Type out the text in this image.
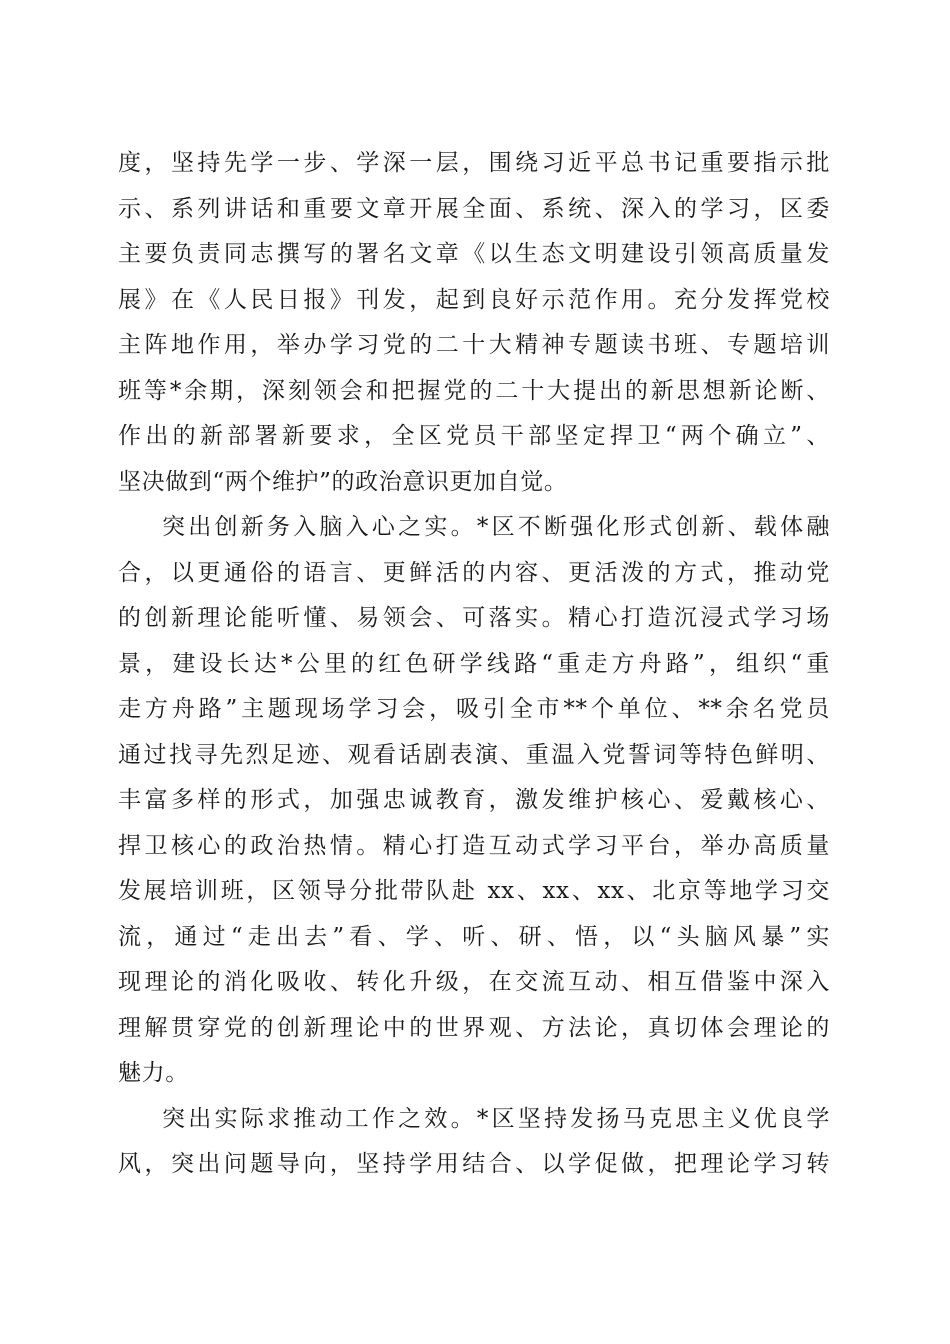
度，坚持先学一步、学深一层，围绕习近平总书记重要指示批
示、系列讲话和重要文章开展全面、系统、深入的学习，区委
主要负责同志撰写的署名文章《以生态文明建设引领高质量发
展》在《人民日报》刊发，起到良好示范作用。充分发挥党校
主阵地作用，举办学习党的二十大精神专题读书班、专题培训
班等*余期，深刻领会和把握党的二十大提出的新思想新论断、
作出的新部署新要求，全区党员干部坚定捍卫“两个确立”、
坚决做到“两个维护”的政治意识更加自觉。
突出创新务入脑入心之实。*区不断强化形式创新、载体融
合，以更通俗的语言、更鲜活的内容、更活泼的方式，推动党
的创新理论能听懂、易领会、可落实。精心打造沉浸式学习场
景，建设长达*公里的红色研学线路“重走方舟路”，组织“重
走方舟路”主题现场学习会，吸引全市**个单位、**余名党员
通过找寻先烈足迹、观看话剧表演、重温入党誓词等特色鲜明、
丰富多样的形式，加强忠诚教育，激发维护核心、爱戴核心、
捍卫核心的政治热情。精心打造互动式学习平台，举办高质量
发展培训班，区领导分批带队赴 xx、xx、xx、北京等地学习交
流，通过“走出去”看、学、听、研、悟，以“头脑风暴”实
现理论的消化吸收、转化升级，在交流互动、相互借鉴中深入
理解贯穿党的创新理论中的世界观、方法论，真切体会理论的
魅力。
突出实际求推动工作之效。*区坚持发扬马克思主义优良学
风，突出问题导向，坚持学用结合、以学促做，把理论学习转
